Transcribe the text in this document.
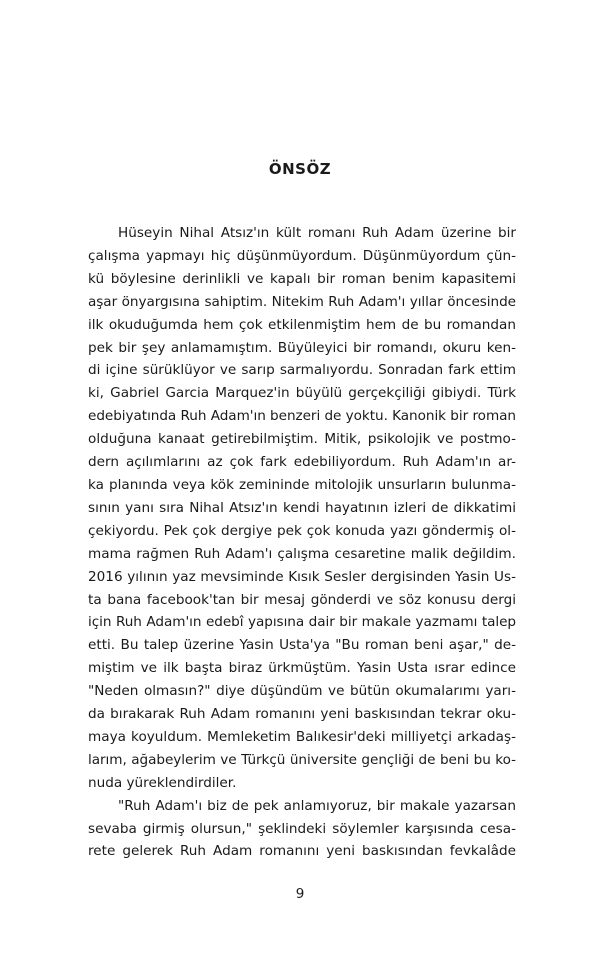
ÖNSÖZ
Hüseyin Nihal Atsız'ın kült romanı Ruh Adam üzerine bir
çalışma yapmayı hiç düşünmüyordum. Düşünmüyordum çün-
kü böylesine derinlikli ve kapalı bir roman benim kapasitemi
aşar önyargısına sahiptim. Nitekim Ruh Adam'ı yıllar öncesinde
ilk okuduğumda hem çok etkilenmiştim hem de bu romandan
pek bir şey anlamamıştım. Büyüleyici bir romandı, okuru ken-
di içine sürüklüyor ve sarıp sarmalıyordu. Sonradan fark ettim
ki, Gabriel Garcia Marquez'in büyülü gerçekçiliği gibiydi. Türk
edebiyatında Ruh Adam'ın benzeri de yoktu. Kanonik bir roman
olduğuna kanaat getirebilmiştim. Mitik, psikolojik ve postmo-
dern açılımlarını az çok fark edebiliyordum. Ruh Adam'ın ar-
ka planında veya kök zemininde mitolojik unsurların bulunma-
sının yanı sıra Nihal Atsız'ın kendi hayatının izleri de dikkatimi
çekiyordu. Pek çok dergiye pek çok konuda yazı göndermiş ol-
mama rağmen Ruh Adam'ı çalışma cesaretine malik değildim.
2016 yılının yaz mevsiminde Kısık Sesler dergisinden Yasin Us-
ta bana facebook'tan bir mesaj gönderdi ve söz konusu dergi
için Ruh Adam'ın edebî yapısına dair bir makale yazmamı talep
etti. Bu talep üzerine Yasin Usta'ya "Bu roman beni aşar," de-
miştim ve ilk başta biraz ürkmüştüm. Yasin Usta ısrar edince
"Neden olmasın?" diye düşündüm ve bütün okumalarımı yarı-
da bırakarak Ruh Adam romanını yeni baskısından tekrar oku-
maya koyuldum. Memleketim Balıkesir'deki milliyetçi arkadaş-
larım, ağabeylerim ve Türkçü üniversite gençliği de beni bu ko-
nuda yüreklendirdiler.
"Ruh Adam'ı biz de pek anlamıyoruz, bir makale yazarsan
sevaba girmiş olursun," şeklindeki söylemler karşısında cesa-
rete gelerek Ruh Adam romanını yeni baskısından fevkalâde
9
